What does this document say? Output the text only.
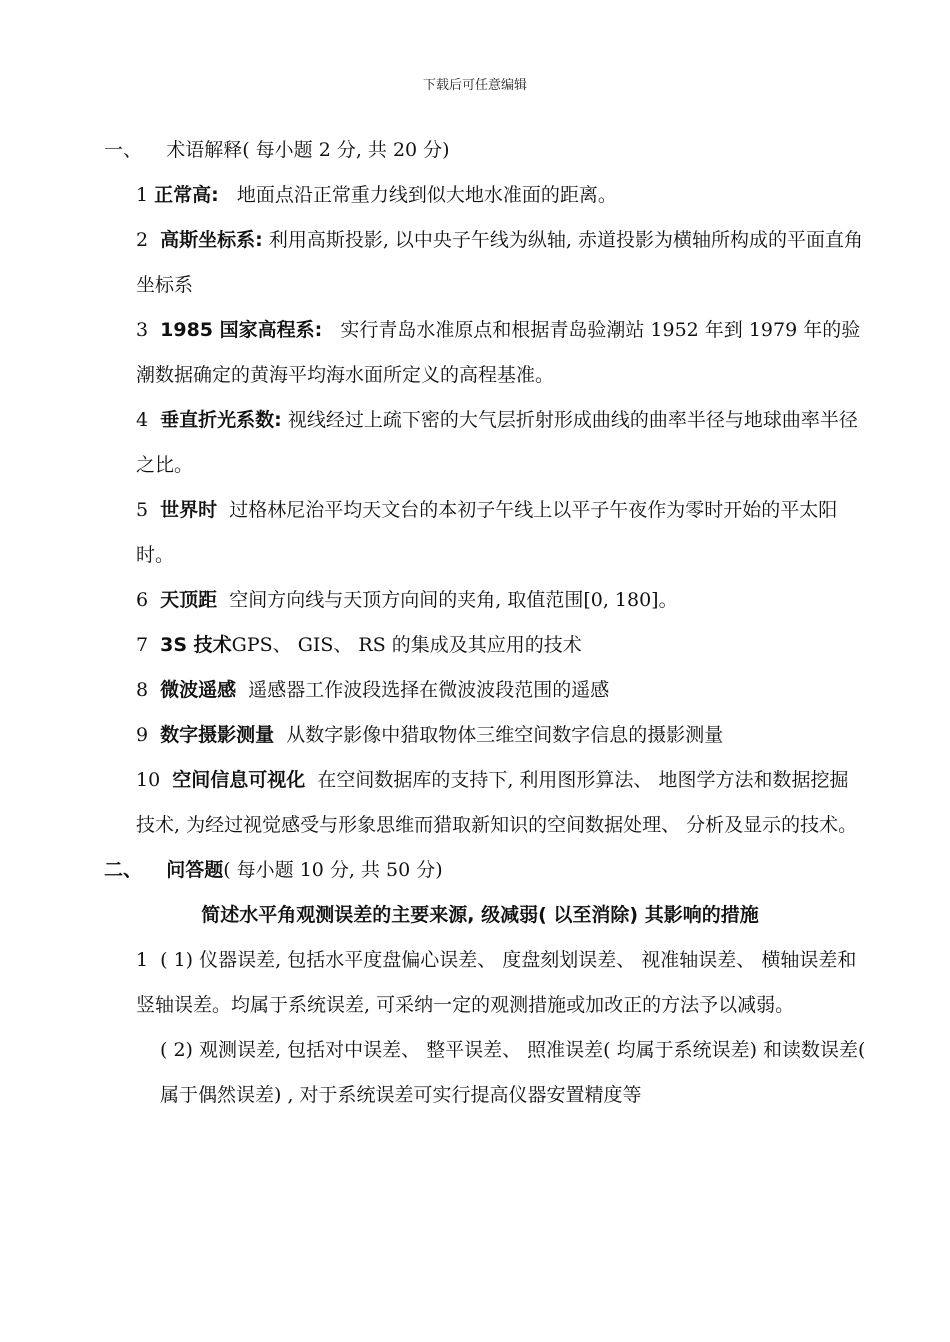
下载后可任意编辑

一、 术语解释( 每小题 2 分, 共 20 分)

1 正常高: 地面点沿正常重力线到似大地水准面的距离。

2 高斯坐标系: 利用高斯投影, 以中央子午线为纵轴, 赤道投影为横轴所构成的平面直角坐标系

3 1985 国家高程系: 实行青岛水准原点和根据青岛验潮站 1952 年到 1979 年的验潮数据确定的黄海平均海水面所定义的高程基准。

4 垂直折光系数: 视线经过上疏下密的大气层折射形成曲线的曲率半径与地球曲率半径之比。

5 世界时 过格林尼治平均天文台的本初子午线上以平子午夜作为零时开始的平太阳时。

6 天顶距 空间方向线与天顶方向间的夹角, 取值范围[0, 180]。

7 3S 技术GPS、 GIS、 RS 的集成及其应用的技术

8 微波遥感 遥感器工作波段选择在微波波段范围的遥感

9 数字摄影测量 从数字影像中猎取物体三维空间数字信息的摄影测量

10 空间信息可视化 在空间数据库的支持下, 利用图形算法、 地图学方法和数据挖掘技术, 为经过视觉感受与形象思维而猎取新知识的空间数据处理、 分析及显示的技术。

二、 问答题( 每小题 10 分, 共 50 分)

简述水平角观测误差的主要来源, 级减弱( 以至消除) 其影响的措施

1 ( 1) 仪器误差, 包括水平度盘偏心误差、 度盘刻划误差、 视准轴误差、 横轴误差和竖轴误差。均属于系统误差, 可采纳一定的观测措施或加改正的方法予以减弱。

( 2) 观测误差, 包括对中误差、 整平误差、 照准误差( 均属于系统误差) 和读数误差( 属于偶然误差) , 对于系统误差可实行提高仪器安置精度等
